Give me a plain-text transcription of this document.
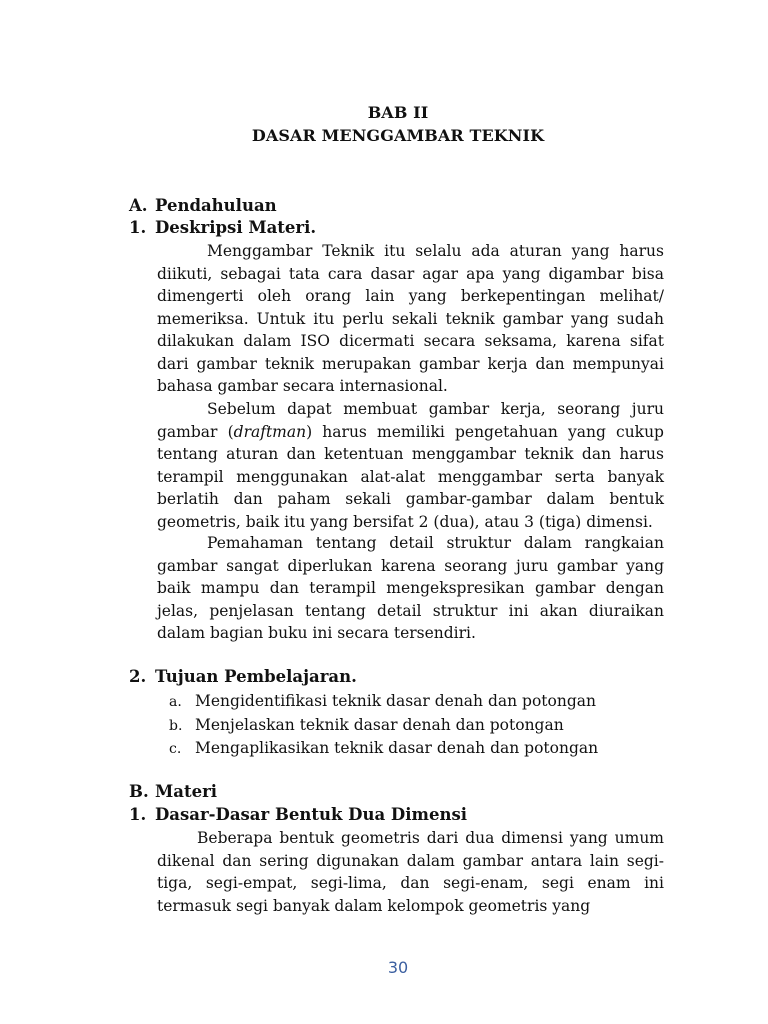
BAB II
DASAR MENGGAMBAR TEKNIK
A. Pendahuluan
1. Deskripsi Materi.
Menggambar Teknik itu selalu ada aturan yang harus diikuti, sebagai tata cara dasar agar apa yang digambar bisa dimengerti oleh orang lain yang berkepentingan melihat/ memeriksa. Untuk itu perlu sekali teknik gambar yang sudah dilakukan dalam ISO dicermati secara seksama, karena sifat dari gambar teknik merupakan gambar kerja dan mempunyai bahasa gambar secara internasional.
Sebelum dapat membuat gambar kerja, seorang juru gambar (draftman) harus memiliki pengetahuan yang cukup tentang aturan dan ketentuan menggambar teknik dan harus terampil menggunakan alat-alat menggambar serta banyak berlatih dan paham sekali gambar-gambar dalam bentuk geometris, baik itu yang bersifat 2 (dua), atau 3 (tiga) dimensi.
Pemahaman tentang detail struktur dalam rangkaian gambar sangat diperlukan karena seorang juru gambar yang baik mampu dan terampil mengekspresikan gambar dengan jelas, penjelasan tentang detail struktur ini akan diuraikan dalam bagian buku ini secara tersendiri.
2. Tujuan Pembelajaran.
a. Mengidentifikasi teknik dasar denah dan potongan
b. Menjelaskan teknik dasar denah dan potongan
c. Mengaplikasikan teknik dasar denah dan potongan
B. Materi
1. Dasar-Dasar Bentuk Dua Dimensi
Beberapa bentuk geometris dari dua dimensi yang umum dikenal dan sering digunakan dalam gambar antara lain segi-tiga, segi-empat, segi-lima, dan segi-enam, segi enam ini termasuk segi banyak dalam kelompok geometris yang
30
